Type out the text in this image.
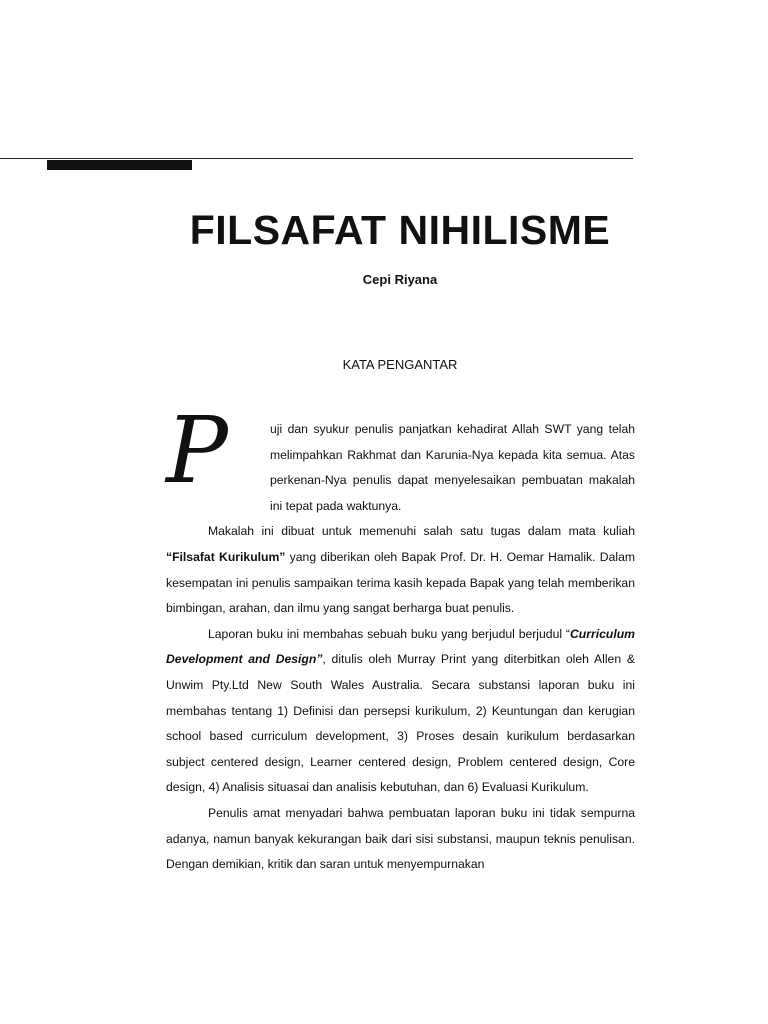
FILSAFAT NIHILISME
Cepi Riyana
KATA PENGANTAR

P	uji dan syukur penulis panjatkan kehadirat Allah SWT yang telah melimpahkan Rakhmat dan Karunia-Nya kepada kita semua. Atas perkenan-Nya penulis dapat menyelesaikan pembuatan makalah ini tepat pada waktunya.

Makalah ini dibuat untuk memenuhi salah satu tugas dalam mata kuliah “Filsafat Kurikulum” yang diberikan oleh Bapak Prof. Dr. H. Oemar Hamalik. Dalam kesempatan ini penulis sampaikan terima kasih kepada Bapak yang telah memberikan bimbingan, arahan, dan ilmu yang sangat berharga buat penulis.

Laporan buku ini membahas sebuah buku yang berjudul berjudul “Curriculum Development and Design”, ditulis oleh Murray Print yang diterbitkan oleh Allen & Unwim Pty.Ltd New South Wales Australia. Secara substansi laporan buku ini membahas tentang 1) Definisi dan persepsi kurikulum, 2) Keuntungan dan kerugian school based curriculum development, 3) Proses desain kurikulum berdasarkan subject centered design, Learner centered design, Problem centered design, Core design, 4) Analisis situasai dan analisis kebutuhan, dan 6) Evaluasi Kurikulum.

Penulis amat menyadari bahwa pembuatan laporan buku ini tidak sempurna adanya, namun banyak kekurangan baik dari sisi substansi, maupun teknis penulisan. Dengan demikian, kritik dan saran untuk menyempurnakan
